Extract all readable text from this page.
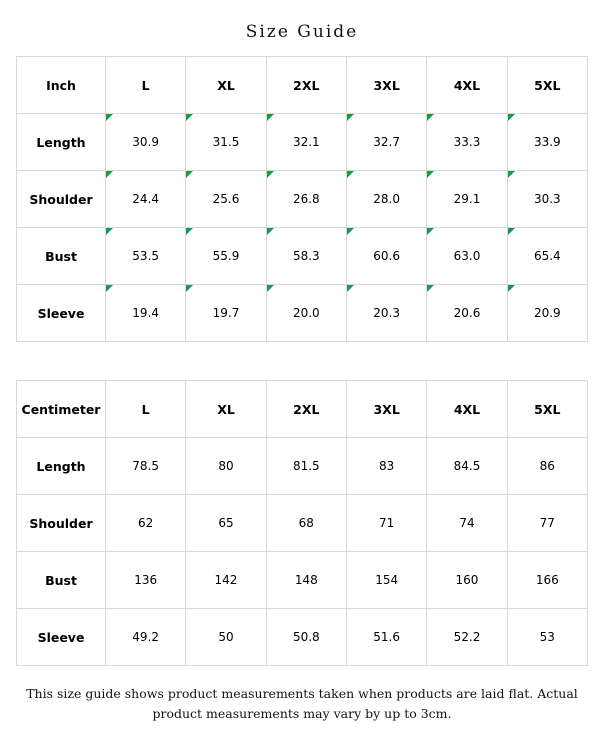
Size Guide
Inch	L	XL	2XL	3XL	4XL	5XL
Length	30.9	31.5	32.1	32.7	33.3	33.9
Shoulder	24.4	25.6	26.8	28.0	29.1	30.3
Bust	53.5	55.9	58.3	60.6	63.0	65.4
Sleeve	19.4	19.7	20.0	20.3	20.6	20.9
Centimeter	L	XL	2XL	3XL	4XL	5XL
Length	78.5	80	81.5	83	84.5	86
Shoulder	62	65	68	71	74	77
Bust	136	142	148	154	160	166
Sleeve	49.2	50	50.8	51.6	52.2	53
This size guide shows product measurements taken when products are laid flat. Actual product measurements may vary by up to 3cm.
